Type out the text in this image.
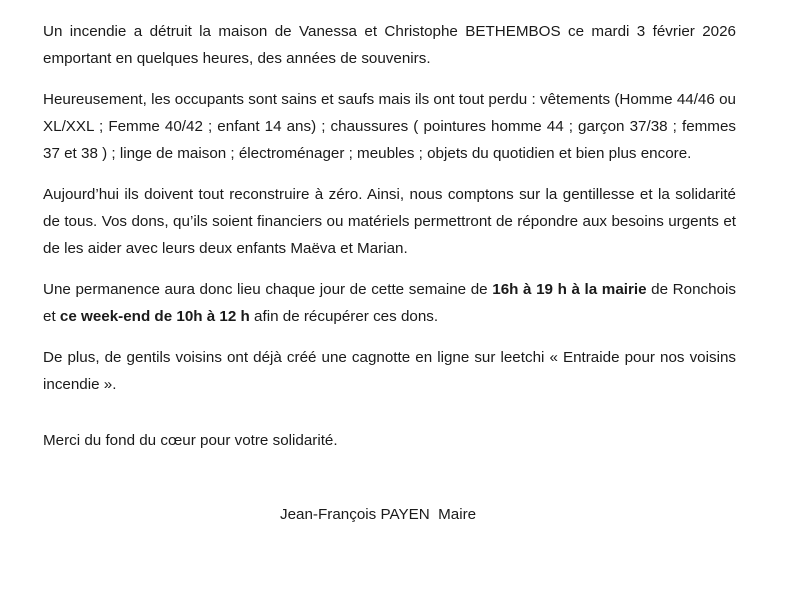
Un incendie a détruit la maison de Vanessa et Christophe BETHEMBOS ce mardi 3 février 2026 emportant en quelques heures, des années de souvenirs.

Heureusement, les occupants sont sains et saufs mais ils ont tout perdu : vêtements (Homme 44/46 ou XL/XXL ; Femme 40/42 ; enfant 14 ans) ; chaussures ( pointures homme 44 ; garçon 37/38 ; femmes 37 et 38 ) ; linge de maison ; électroménager ; meubles ; objets du quotidien et bien plus encore.

Aujourd’hui ils doivent tout reconstruire à zéro. Ainsi, nous comptons sur la gentillesse et la solidarité de tous. Vos dons, qu’ils soient financiers ou matériels permettront de répondre aux besoins urgents et de les aider avec leurs deux enfants Maëva et Marian.

Une permanence aura donc lieu chaque jour de cette semaine de 16h à 19 h à la mairie de Ronchois et ce week-end de 10h à 12 h afin de récupérer ces dons.

De plus, de gentils voisins ont déjà créé une cagnotte en ligne sur leetchi « Entraide pour nos voisins incendie ».

Merci du fond du cœur pour votre solidarité.

Jean-François PAYEN  Maire
